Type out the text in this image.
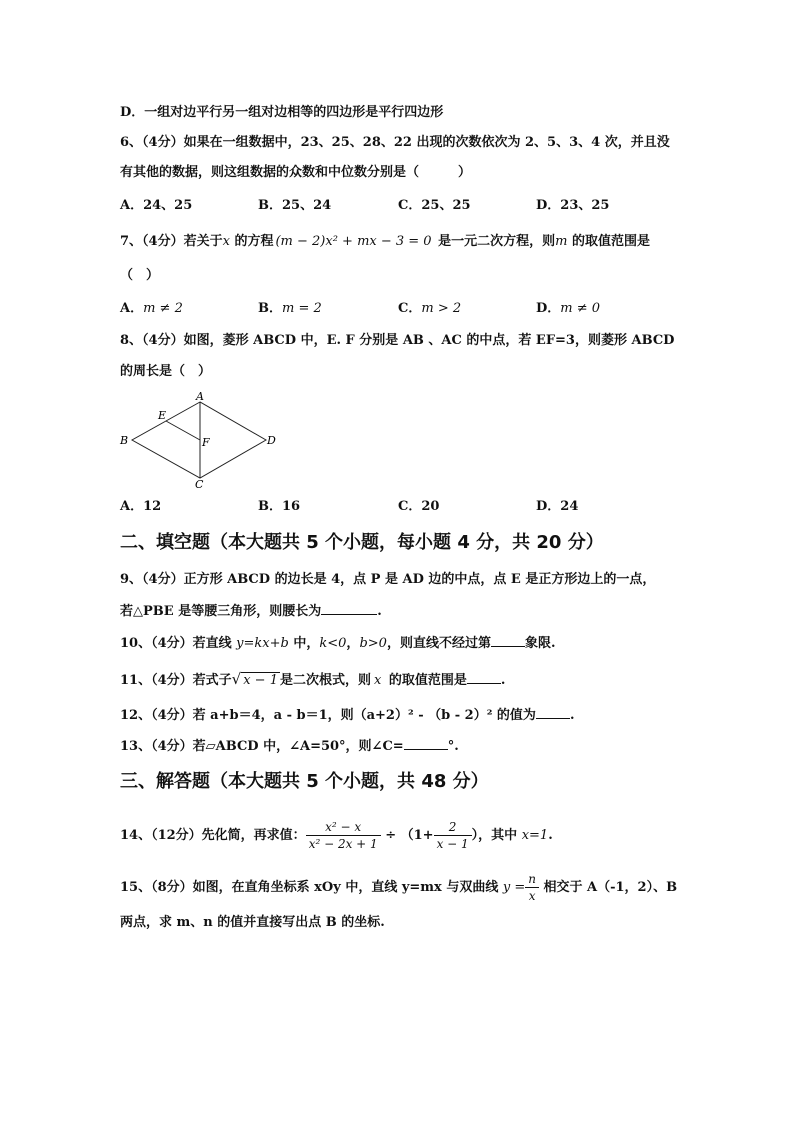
D．一组对边平行另一组对边相等的四边形是平行四边形
6、（4分）如果在一组数据中，23、25、28、22 出现的次数依次为 2、5、3、4 次，并且没
有其他的数据，则这组数据的众数和中位数分别是（　　　）
A．24、25	B．25、24	C．25、25	D．23、25
7、（4分）若关于x 的方程 (m − 2)x² + mx − 3 = 0 是一元二次方程，则m 的取值范围是
（　）
A．m ≠ 2	B．m = 2	C．m > 2	D．m ≠ 0
8、（4分）如图，菱形 ABCD 中，E. F 分别是 AB 、AC 的中点，若 EF=3，则菱形 ABCD
的周长是（　）
A
B
C
D
E
F
A．12	B．16	C．20	D．24
二、填空题（本大题共 5 个小题，每小题 4 分，共 20 分）
9、（4分）正方形 ABCD 的边长是 4，点 P 是 AD 边的中点，点 E 是正方形边上的一点，
若△PBE 是等腰三角形，则腰长为	.
10、（4分）若直线 y=kx+b 中，k<0，b>0，则直线不经过第	象限.
11、（4分）若式子√ x − 1 是二次根式，则 x 的取值范围是	.
12、（4分）若 a+b＝4，a - b＝1，则（a+2）² - （b - 2）² 的值为	.
13、（4分）若▱ABCD 中，∠A=50°，则∠C=	°.
三、解答题（本大题共 5 个小题，共 48 分）
14、（12分）先化简，再求值： $\frac{\text{x² − x}}{\text{x² − 2x + 1}} \div (1+ \frac{2}{x - 1}$ ），其中 x=1.
15、（8分）如图，在直角坐标系 xOy 中，直线 y=mx 与双曲线 $y = \frac{n}{x}$ 相交于 A（-1，2）、B
两点，求 m、n 的值并直接写出点 B 的坐标.
